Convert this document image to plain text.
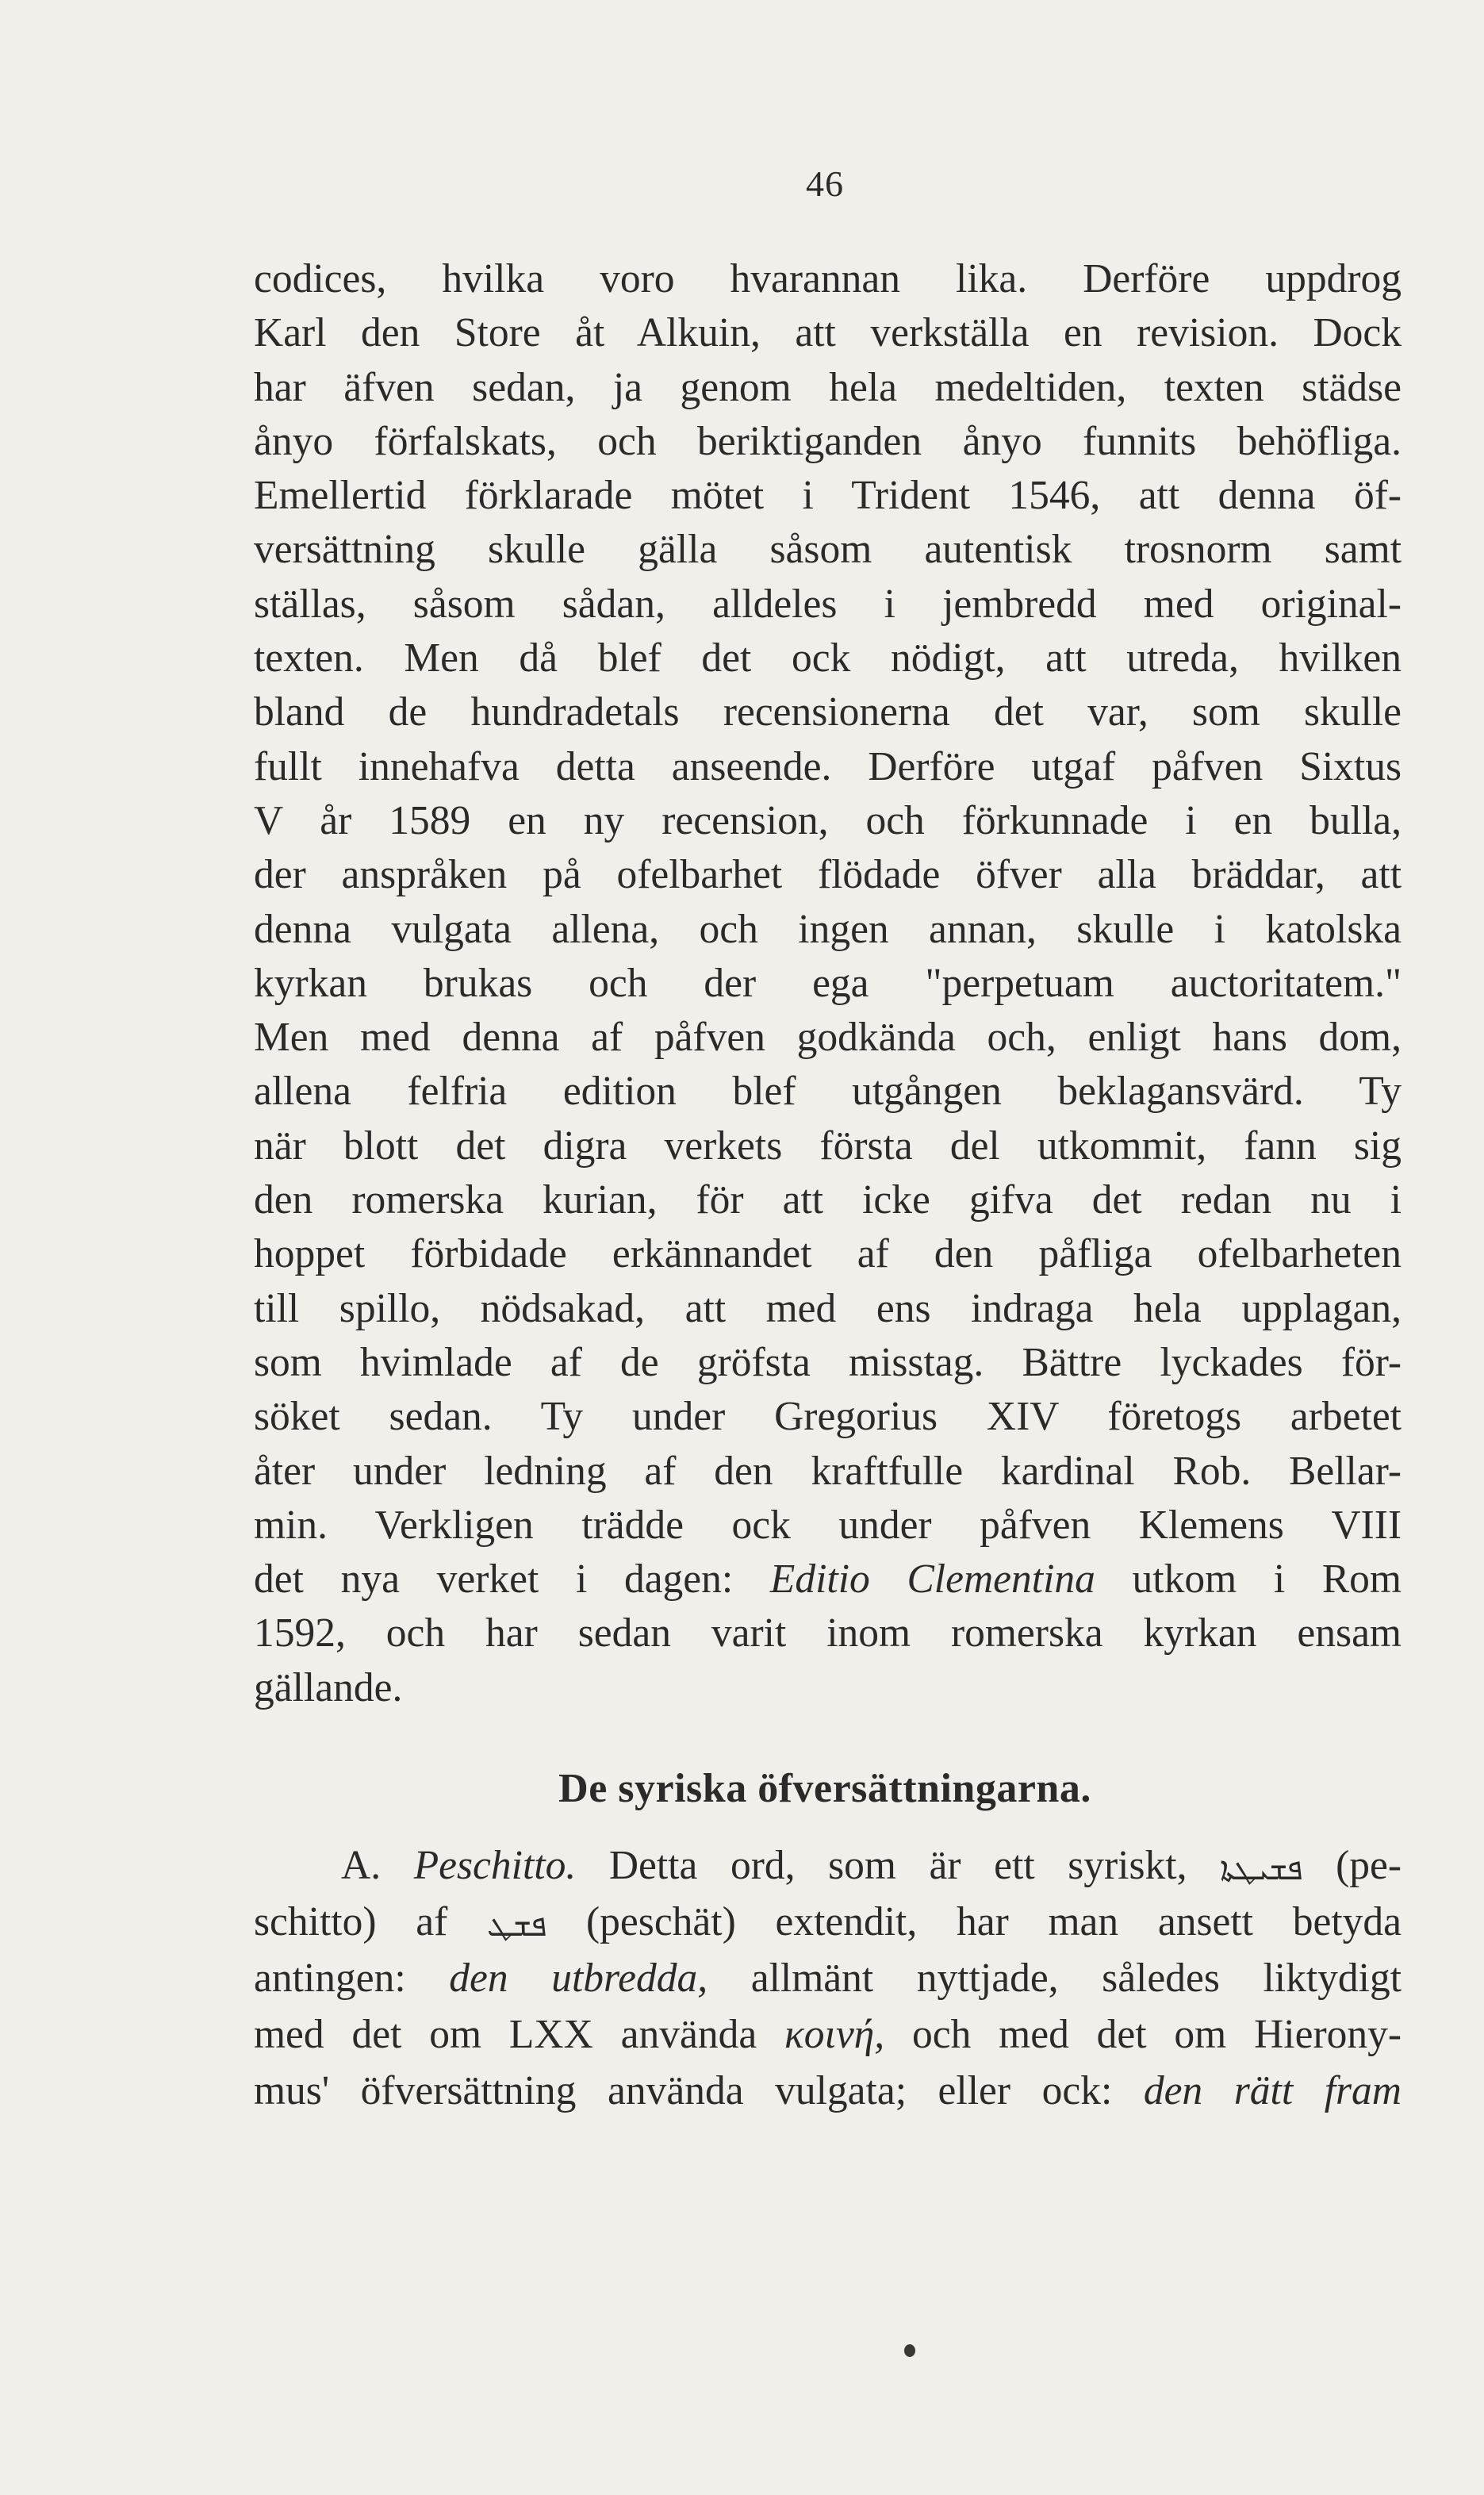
46
codices, hvilka voro hvarannan lika. Derföre uppdrog
Karl den Store åt Alkuin, att verkställa en revision. Dock
har äfven sedan, ja genom hela medeltiden, texten städse
ånyo förfalskats, och beriktiganden ånyo funnits behöfliga.
Emellertid förklarade mötet i Trident 1546, att denna öf-
versättning skulle gälla såsom autentisk trosnorm samt
ställas, såsom sådan, alldeles i jembredd med original-
texten. Men då blef det ock nödigt, att utreda, hvilken
bland de hundradetals recensionerna det var, som skulle
fullt innehafva detta anseende. Derföre utgaf påfven Sixtus
V år 1589 en ny recension, och förkunnade i en bulla,
der anspråken på ofelbarhet flödade öfver alla bräddar, att
denna vulgata allena, och ingen annan, skulle i katolska
kyrkan brukas och der ega "perpetuam auctoritatem."
Men med denna af påfven godkända och, enligt hans dom,
allena felfria edition blef utgången beklagansvärd. Ty
när blott det digra verkets första del utkommit, fann sig
den romerska kurian, för att icke gifva det redan nu i
hoppet förbidade erkännandet af den påfliga ofelbarheten
till spillo, nödsakad, att med ens indraga hela upplagan,
som hvimlade af de gröfsta misstag. Bättre lyckades för-
söket sedan. Ty under Gregorius XIV företogs arbetet
åter under ledning af den kraftfulle kardinal Rob. Bellar-
min. Verkligen trädde ock under påfven Klemens VIII
det nya verket i dagen: Editio Clementina utkom i Rom
1592, och har sedan varit inom romerska kyrkan ensam
gällande.
De syriska öfversättningarna.
A. Peschitto. Detta ord, som är ett syriskt, ܦܫܝܛܬܐ (pe-
schitto) af ܦܫܛ (peschät) extendit, har man ansett betyda
antingen: den utbredda, allmänt nyttjade, således liktydigt
med det om LXX använda κοινή, och med det om Hierony-
mus' öfversättning använda vulgata; eller ock: den rätt fram
